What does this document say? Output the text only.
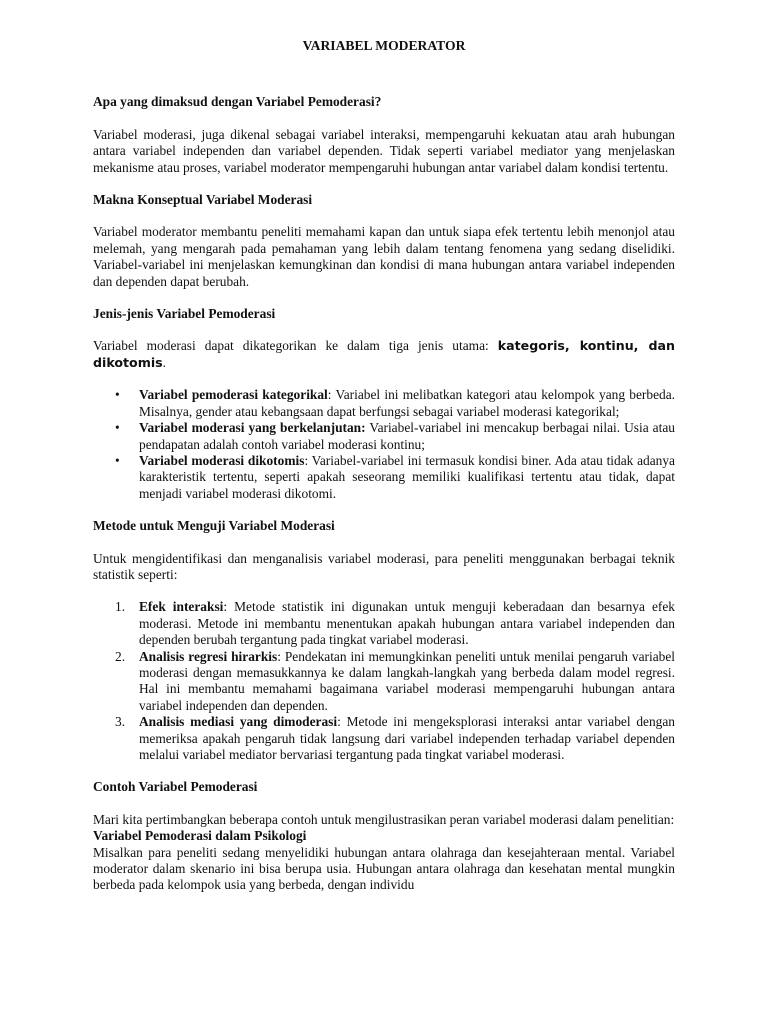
VARIABEL MODERATOR
Apa yang dimaksud dengan Variabel Pemoderasi?
Variabel moderasi, juga dikenal sebagai variabel interaksi, mempengaruhi kekuatan atau arah hubungan antara variabel independen dan variabel dependen. Tidak seperti variabel mediator yang menjelaskan mekanisme atau proses, variabel moderator mempengaruhi hubungan antar variabel dalam kondisi tertentu.
Makna Konseptual Variabel Moderasi
Variabel moderator membantu peneliti memahami kapan dan untuk siapa efek tertentu lebih menonjol atau melemah, yang mengarah pada pemahaman yang lebih dalam tentang fenomena yang sedang diselidiki. Variabel-variabel ini menjelaskan kemungkinan dan kondisi di mana hubungan antara variabel independen dan dependen dapat berubah.
Jenis-jenis Variabel Pemoderasi
Variabel moderasi dapat dikategorikan ke dalam tiga jenis utama: kategoris, kontinu, dan dikotomis.
• Variabel pemoderasi kategorikal: Variabel ini melibatkan kategori atau kelompok yang berbeda. Misalnya, gender atau kebangsaan dapat berfungsi sebagai variabel moderasi kategorikal;
• Variabel moderasi yang berkelanjutan: Variabel-variabel ini mencakup berbagai nilai. Usia atau pendapatan adalah contoh variabel moderasi kontinu;
• Variabel moderasi dikotomis: Variabel-variabel ini termasuk kondisi biner. Ada atau tidak adanya karakteristik tertentu, seperti apakah seseorang memiliki kualifikasi tertentu atau tidak, dapat menjadi variabel moderasi dikotomi.
Metode untuk Menguji Variabel Moderasi
Untuk mengidentifikasi dan menganalisis variabel moderasi, para peneliti menggunakan berbagai teknik statistik seperti:
1. Efek interaksi: Metode statistik ini digunakan untuk menguji keberadaan dan besarnya efek moderasi. Metode ini membantu menentukan apakah hubungan antara variabel independen dan dependen berubah tergantung pada tingkat variabel moderasi.
2. Analisis regresi hirarkis: Pendekatan ini memungkinkan peneliti untuk menilai pengaruh variabel moderasi dengan memasukkannya ke dalam langkah-langkah yang berbeda dalam model regresi. Hal ini membantu memahami bagaimana variabel moderasi mempengaruhi hubungan antara variabel independen dan dependen.
3. Analisis mediasi yang dimoderasi: Metode ini mengeksplorasi interaksi antar variabel dengan memeriksa apakah pengaruh tidak langsung dari variabel independen terhadap variabel dependen melalui variabel mediator bervariasi tergantung pada tingkat variabel moderasi.
Contoh Variabel Pemoderasi
Mari kita pertimbangkan beberapa contoh untuk mengilustrasikan peran variabel moderasi dalam penelitian:
Variabel Pemoderasi dalam Psikologi
Misalkan para peneliti sedang menyelidiki hubungan antara olahraga dan kesejahteraan mental. Variabel moderator dalam skenario ini bisa berupa usia. Hubungan antara olahraga dan kesehatan mental mungkin berbeda pada kelompok usia yang berbeda, dengan individu
